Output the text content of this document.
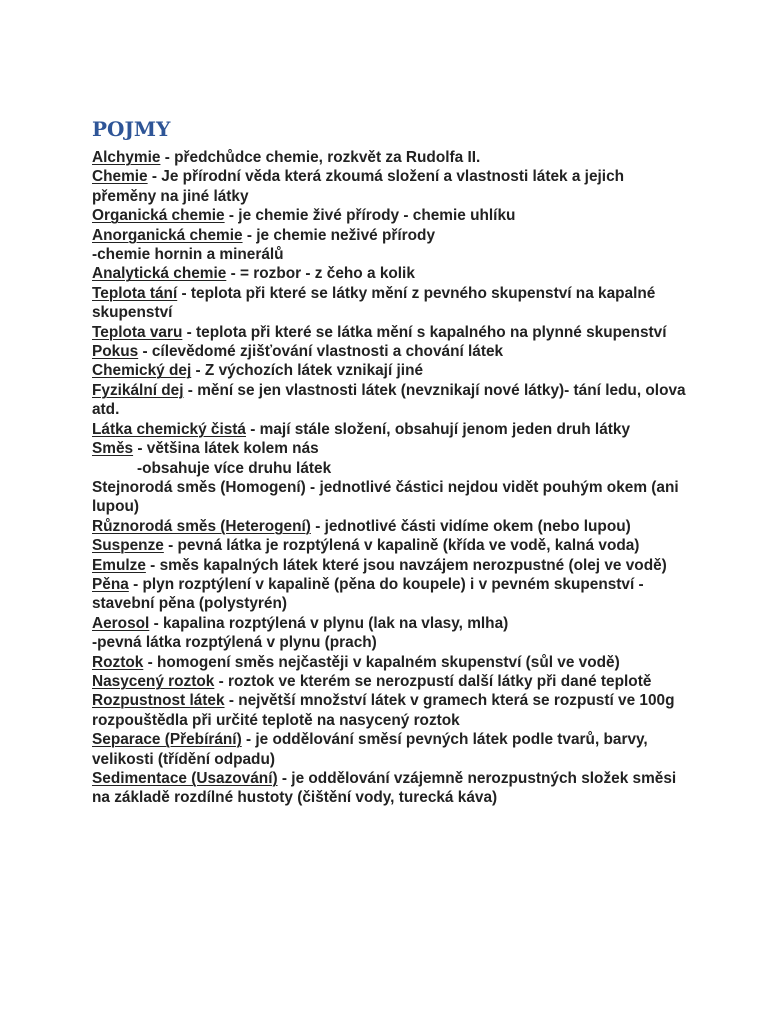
POJMY
Alchymie - předchůdce chemie, rozkvět za Rudolfa II.
Chemie - Je přírodní věda která zkoumá složení a vlastnosti látek a jejich přeměny na jiné látky
Organická chemie - je chemie živé přírody - chemie uhlíku
Anorganická chemie - je chemie neživé přírody
-chemie hornin a minerálů
Analytická chemie - = rozbor - z čeho a kolik
Teplota tání - teplota při které se látky mění z pevného skupenství na kapalné skupenství
Teplota varu - teplota při které se látka mění s kapalného na plynné skupenství
Pokus - cílevědomé zjišťování vlastnosti a chování látek
Chemický dej - Z výchozích látek vznikají jiné
Fyzikální dej - mění se jen vlastnosti látek (nevznikají nové látky)- tání ledu, olova atd.
Látka chemický čistá - mají stále složení, obsahují jenom jeden druh látky
Směs - většina látek kolem nás
-obsahuje více druhu látek
Stejnorodá směs (Homogení) - jednotlivé částici nejdou vidět pouhým okem (ani lupou)
Různorodá směs (Heterogení) - jednotlivé části vidíme okem (nebo lupou)
Suspenze - pevná látka je rozptýlená v kapalině (křída ve vodě, kalná voda)
Emulze - směs kapalných látek které jsou navzájem nerozpustné (olej ve vodě)
Pěna - plyn rozptýlení v kapalině (pěna do koupele) i v pevném skupenství - stavební pěna (polystyrén)
Aerosol - kapalina rozptýlená v plynu (lak na vlasy, mlha)
-pevná látka rozptýlená v plynu (prach)
Roztok - homogení směs nejčastěji v kapalném skupenství (sůl ve vodě)
Nasycený roztok - roztok ve kterém se nerozpustí další látky při dané teplotě
Rozpustnost látek - největší množství látek v gramech která se rozpustí ve 100g rozpouštědla při určité teplotě na nasycený roztok
Separace (Přebírání) - je oddělování směsí pevných látek podle tvarů, barvy, velikosti (třídění odpadu)
Sedimentace (Usazování) - je oddělování vzájemně nerozpustných složek směsi na základě rozdílné hustoty (čištění vody, turecká káva)
